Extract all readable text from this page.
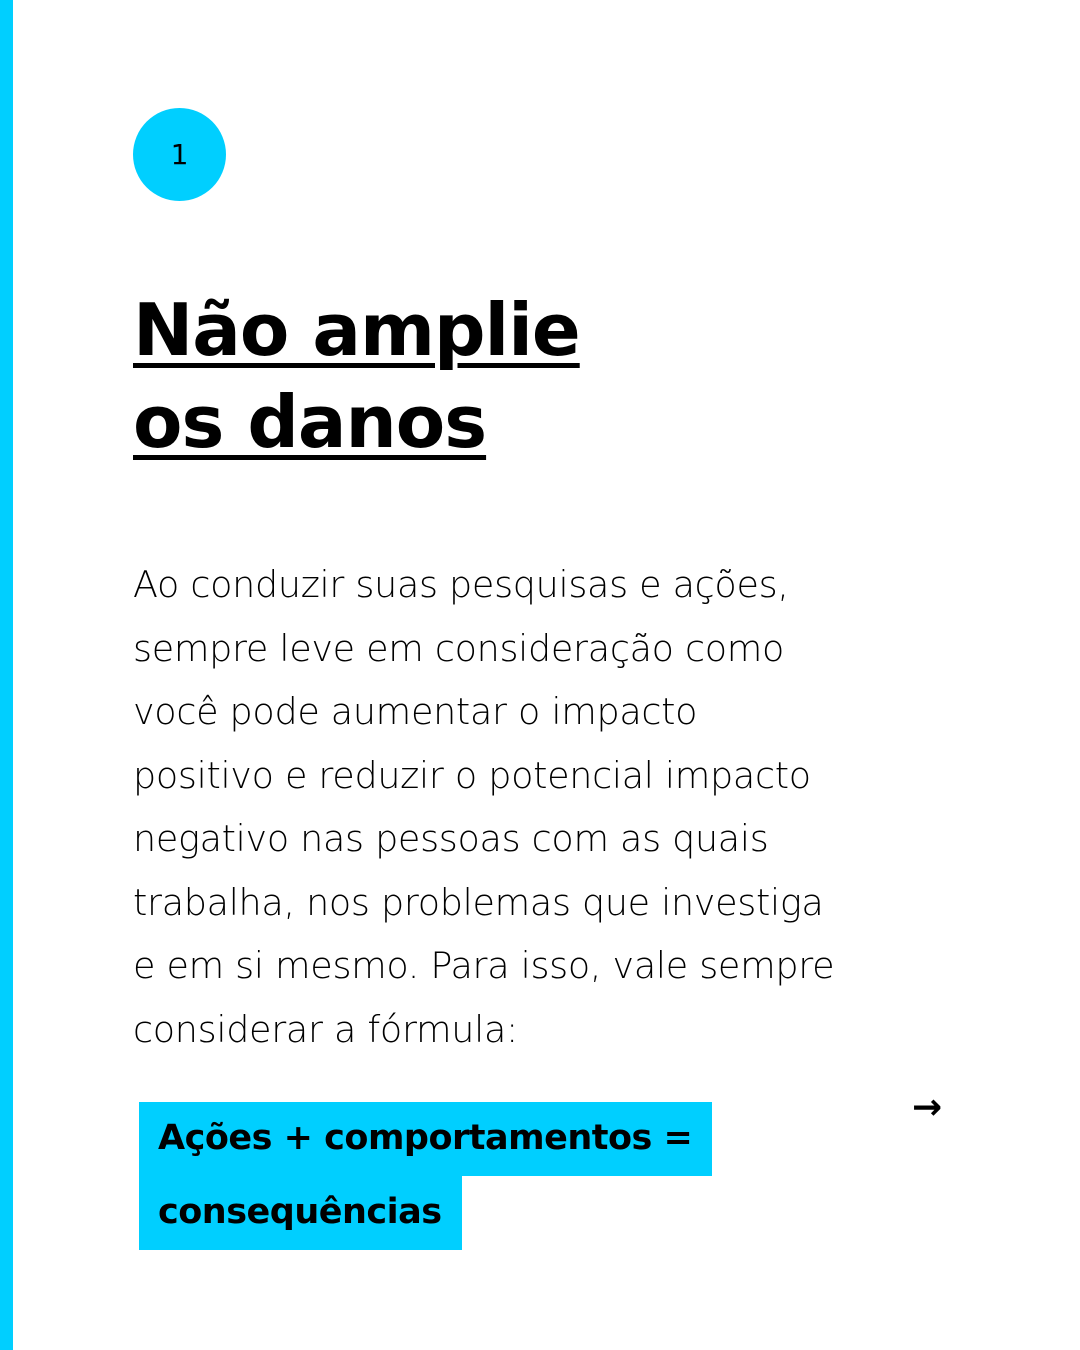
1
Não amplie
os danos

Ao conduzir suas pesquisas e ações,
sempre leve em consideração como
você pode aumentar o impacto
positivo e reduzir o potencial impacto
negativo nas pessoas com as quais
trabalha, nos problemas que investiga
e em si mesmo. Para isso, vale sempre
considerar a fórmula:

Ações + comportamentos =
consequências
→
